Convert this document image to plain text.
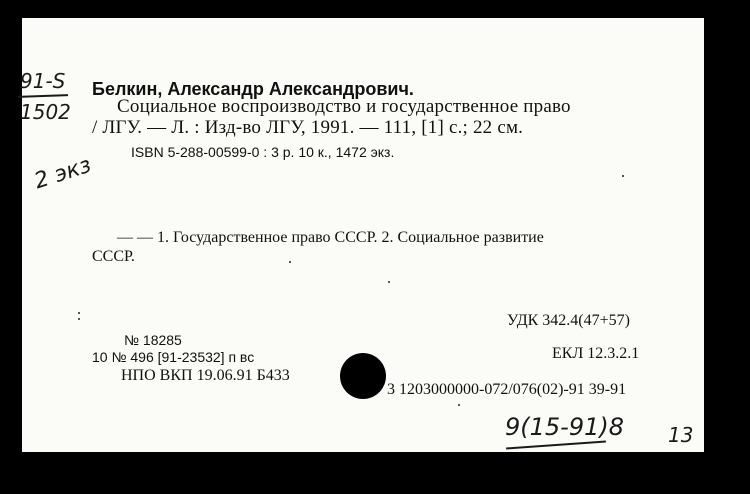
91-S
1502
2 экз
Белкин, Александр Александрович.
Социальное воспроизводство и государственное право
/ ЛГУ. — Л. : Изд-во ЛГУ, 1991. — 111, [1] с.; 22 см.
ISBN 5-288-00599-0 : 3 р. 10 к., 1472 экз.
— — 1. Государственное право СССР. 2. Социальное развитие
СССР.
УДК 342.4(47+57)
№ 18285
10 № 496 [91-23532] п вс	ЕКЛ 12.3.2.1
НПО ВКП 19.06.91 Б433
3 1203000000-072/076(02)-91 39-91
9(15-91)8 13
